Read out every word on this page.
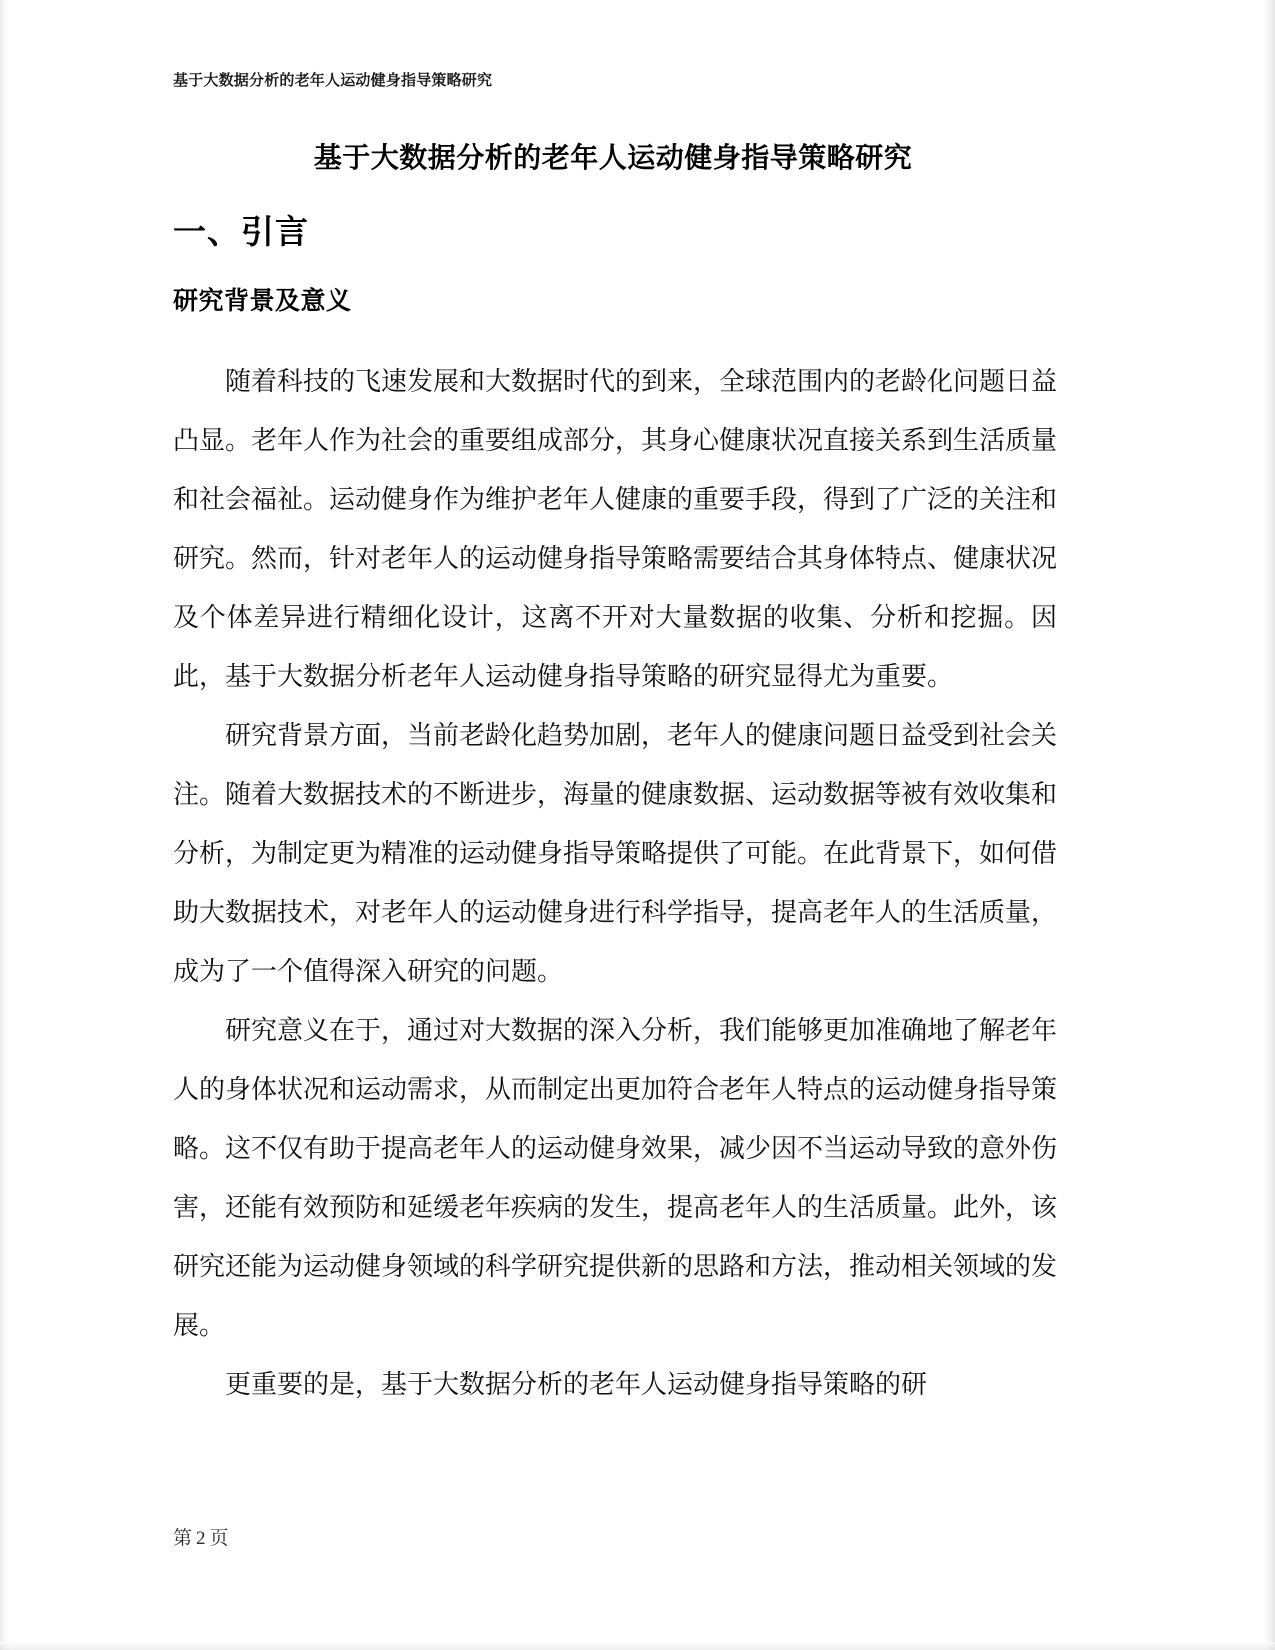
基于大数据分析的老年人运动健身指导策略研究
基于大数据分析的老年人运动健身指导策略研究
一、引言
研究背景及意义

随着科技的飞速发展和大数据时代的到来，全球范围内的老龄化问题日益凸显。老年人作为社会的重要组成部分，其身心健康状况直接关系到生活质量和社会福祉。运动健身作为维护老年人健康的重要手段，得到了广泛的关注和研究。然而，针对老年人的运动健身指导策略需要结合其身体特点、健康状况及个体差异进行精细化设计，这离不开对大量数据的收集、分析和挖掘。因此，基于大数据分析老年人运动健身指导策略的研究显得尤为重要。

研究背景方面，当前老龄化趋势加剧，老年人的健康问题日益受到社会关注。随着大数据技术的不断进步，海量的健康数据、运动数据等被有效收集和分析，为制定更为精准的运动健身指导策略提供了可能。在此背景下，如何借助大数据技术，对老年人的运动健身进行科学指导，提高老年人的生活质量，成为了一个值得深入研究的问题。

研究意义在于，通过对大数据的深入分析，我们能够更加准确地了解老年人的身体状况和运动需求，从而制定出更加符合老年人特点的运动健身指导策略。这不仅有助于提高老年人的运动健身效果，减少因不当运动导致的意外伤害，还能有效预防和延缓老年疾病的发生，提高老年人的生活质量。此外，该研究还能为运动健身领域的科学研究提供新的思路和方法，推动相关领域的发展。

更重要的是，基于大数据分析的老年人运动健身指导策略的研

第 2 页
